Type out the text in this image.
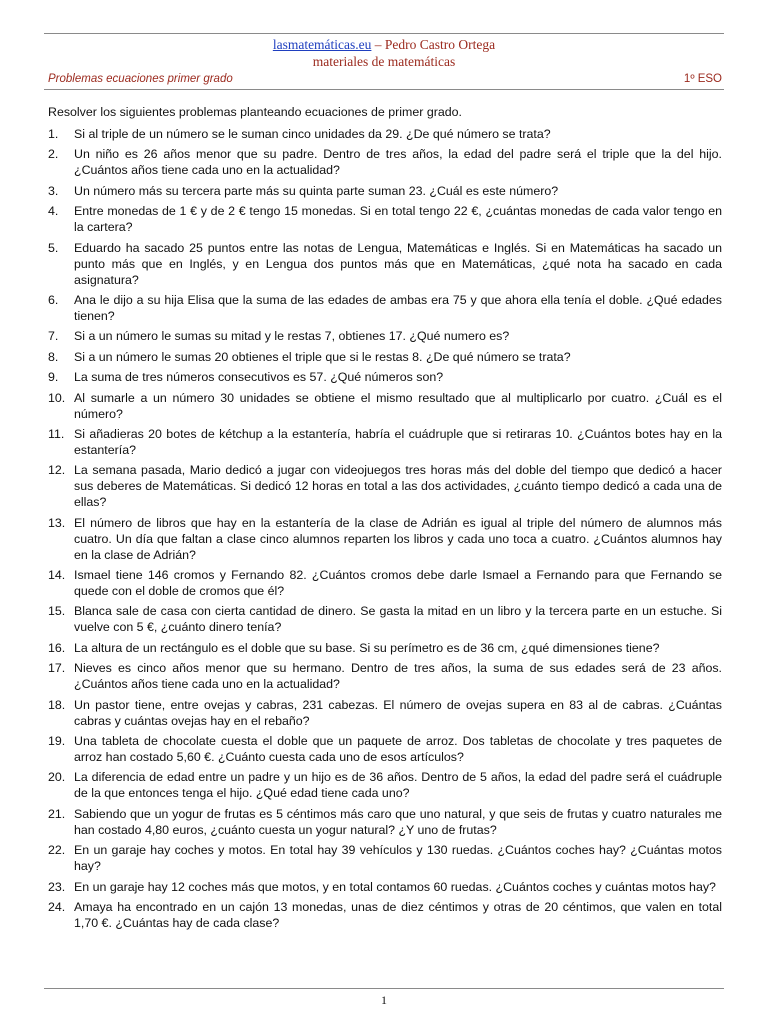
lasmatemáticas.eu – Pedro Castro Ortega
materiales de matemáticas
Problemas ecuaciones primer grado	1º ESO

Resolver los siguientes problemas planteando ecuaciones de primer grado.

1.	Si al triple de un número se le suman cinco unidades da 29. ¿De qué número se trata?
2.	Un niño es 26 años menor que su padre. Dentro de tres años, la edad del padre será el triple que la del hijo. ¿Cuántos años tiene cada uno en la actualidad?
3.	Un número más su tercera parte más su quinta parte suman 23. ¿Cuál es este número?
4.	Entre monedas de 1 € y de 2 € tengo 15 monedas. Si en total tengo 22 €, ¿cuántas monedas de cada valor tengo en la cartera?
5.	Eduardo ha sacado 25 puntos entre las notas de Lengua, Matemáticas e Inglés. Si en Matemáticas ha sacado un punto más que en Inglés, y en Lengua dos puntos más que en Matemáticas, ¿qué nota ha sacado en cada asignatura?
6.	Ana le dijo a su hija Elisa que la suma de las edades de ambas era 75 y que ahora ella tenía el doble. ¿Qué edades tienen?
7.	Si a un número le sumas su mitad y le restas 7, obtienes 17. ¿Qué numero es?
8.	Si a un número le sumas 20 obtienes el triple que si le restas 8. ¿De qué número se trata?
9.	La suma de tres números consecutivos es 57. ¿Qué números son?
10. Al sumarle a un número 30 unidades se obtiene el mismo resultado que al multiplicarlo por cuatro. ¿Cuál es el número?
11. Si añadieras 20 botes de kétchup a la estantería, habría el cuádruple que si retiraras 10. ¿Cuántos botes hay en la estantería?
12. La semana pasada, Mario dedicó a jugar con videojuegos tres horas más del doble del tiempo que dedicó a hacer sus deberes de Matemáticas. Si dedicó 12 horas en total a las dos actividades, ¿cuánto tiempo dedicó a cada una de ellas?
13. El número de libros que hay en la estantería de la clase de Adrián es igual al triple del número de alumnos más cuatro. Un día que faltan a clase cinco alumnos reparten los libros y cada uno toca a cuatro. ¿Cuántos alumnos hay en la clase de Adrián?
14. Ismael tiene 146 cromos y Fernando 82. ¿Cuántos cromos debe darle Ismael a Fernando para que Fernando se quede con el doble de cromos que él?
15. Blanca sale de casa con cierta cantidad de dinero. Se gasta la mitad en un libro y la tercera parte en un estuche. Si vuelve con 5 €, ¿cuánto dinero tenía?
16. La altura de un rectángulo es el doble que su base. Si su perímetro es de 36 cm, ¿qué dimensiones tiene?
17. Nieves es cinco años menor que su hermano. Dentro de tres años, la suma de sus edades será de 23 años. ¿Cuántos años tiene cada uno en la actualidad?
18. Un pastor tiene, entre ovejas y cabras, 231 cabezas. El número de ovejas supera en 83 al de cabras. ¿Cuántas cabras y cuántas ovejas hay en el rebaño?
19. Una tableta de chocolate cuesta el doble que un paquete de arroz. Dos tabletas de chocolate y tres paquetes de arroz han costado 5,60 €. ¿Cuánto cuesta cada uno de esos artículos?
20. La diferencia de edad entre un padre y un hijo es de 36 años. Dentro de 5 años, la edad del padre será el cuádruple de la que entonces tenga el hijo. ¿Qué edad tiene cada uno?
21. Sabiendo que un yogur de frutas es 5 céntimos más caro que uno natural, y que seis de frutas y cuatro naturales me han costado 4,80 euros, ¿cuánto cuesta un yogur natural? ¿Y uno de frutas?
22. En un garaje hay coches y motos. En total hay 39 vehículos y 130 ruedas. ¿Cuántos coches hay? ¿Cuántas motos hay?
23. En un garaje hay 12 coches más que motos, y en total contamos 60 ruedas. ¿Cuántos coches y cuántas motos hay?
24. Amaya ha encontrado en un cajón 13 monedas, unas de diez céntimos y otras de 20 céntimos, que valen en total 1,70 €. ¿Cuántas hay de cada clase?
1
